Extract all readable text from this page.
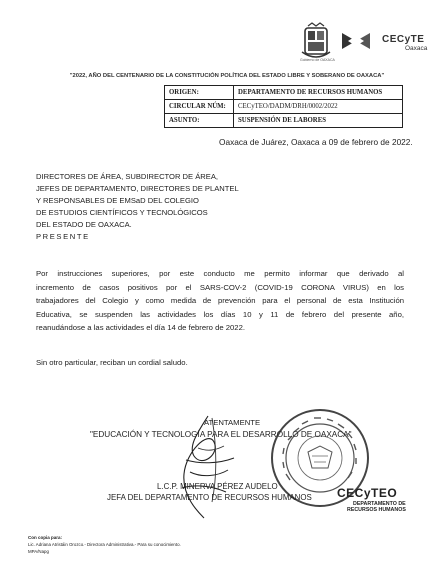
Gobierno de OAXACA
CECyTE
Oaxaca
"2022, AÑO DEL CENTENARIO DE LA CONSTITUCIÓN POLÍTICA DEL ESTADO LIBRE Y SOBERANO DE OAXACA"
ORIGEN:	DEPARTAMENTO DE RECURSOS HUMANOS
CIRCULAR NÚM:	CECyTEO/DADM/DRH/0002/2022
ASUNTO:	SUSPENSIÓN DE LABORES
Oaxaca de Juárez, Oaxaca a 09 de febrero de 2022.
DIRECTORES DE ÁREA, SUBDIRECTOR DE ÁREA,
JEFES DE DEPARTAMENTO, DIRECTORES DE PLANTEL
Y RESPONSABLES DE EMSaD DEL COLEGIO
DE ESTUDIOS CIENTÍFICOS Y TECNOLÓGICOS
DEL ESTADO DE OAXACA.
PRESENTE
Por instrucciones superiores, por este conducto me permito informar que derivado al
incremento de casos positivos por el SARS-COV-2 (COVID-19 CORONA VIRUS) en los
trabajadores del Colegio y como medida de prevención para el personal de esta Institución
Educativa, se suspenden las actividades los días 10 y 11 de febrero del presente año,
reanudándose a las actividades el día 14 de febrero de 2022.
Sin otro particular, reciban un cordial saludo.
ATENTAMENTE
"EDUCACIÓN Y TECNOLOGÍA PARA EL DESARROLLO DE OAXACA"
L.C.P. MINERVA PÉREZ AUDELO
JEFA DEL DEPARTAMENTO DE RECURSOS HUMANOS CECyTEO
DEPARTAMENTO DE
RECURSOS HUMANOS
Con copia para:
Lic. Adriana Atristáin Orozco.- Directora Administrativa.- Para su conocimiento.
MPA/Napg
